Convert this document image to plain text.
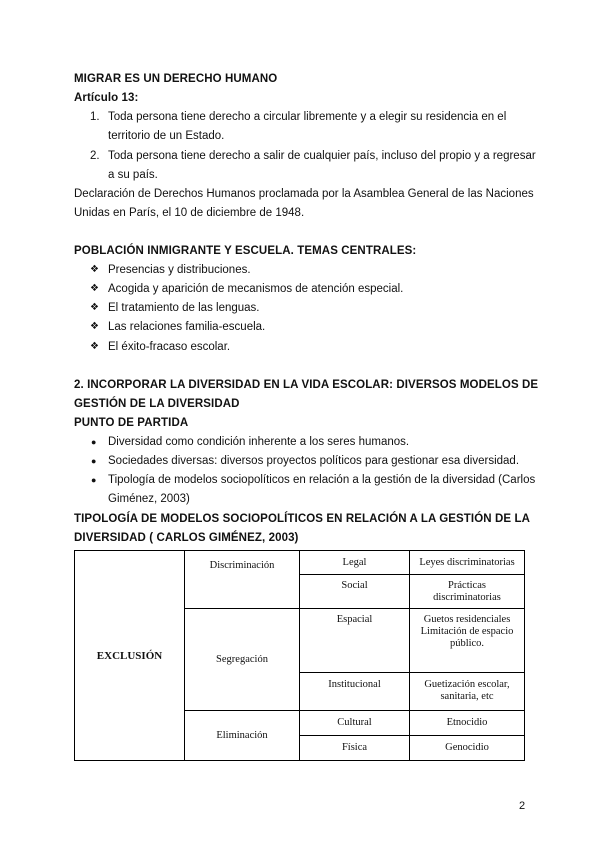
MIGRAR ES UN DERECHO HUMANO
Artículo 13:
1. Toda persona tiene derecho a circular libremente y a elegir su residencia en el
territorio de un Estado.
2. Toda persona tiene derecho a salir de cualquier país, incluso del propio y a regresar
a su país.
Declaración de Derechos Humanos proclamada por la Asamblea General de las Naciones
Unidas en París, el 10 de diciembre de 1948.
POBLACIÓN INMIGRANTE Y ESCUELA. TEMAS CENTRALES:
❖ Presencias y distribuciones.
❖ Acogida y aparición de mecanismos de atención especial.
❖ El tratamiento de las lenguas.
❖ Las relaciones familia-escuela.
❖ El éxito-fracaso escolar.
2. INCORPORAR LA DIVERSIDAD EN LA VIDA ESCOLAR: DIVERSOS MODELOS DE
GESTIÓN DE LA DIVERSIDAD
PUNTO DE PARTIDA
● Diversidad como condición inherente a los seres humanos.
● Sociedades diversas: diversos proyectos políticos para gestionar esa diversidad.
● Tipología de modelos sociopolíticos en relación a la gestión de la diversidad (Carlos
Giménez, 2003)
TIPOLOGÍA DE MODELOS SOCIOPOLÍTICOS EN RELACIÓN A LA GESTIÓN DE LA
DIVERSIDAD ( CARLOS GIMÉNEZ, 2003)
EXCLUSIÓN	Discriminación	Legal	Leyes discriminatorias
		Social	Prácticas
discriminatorias

	Segregación	Espacial	Guetos residenciales
Limitación de espacio
público.

		Institucional	Guetización escolar,
sanitaria, etc

	Eliminación	Cultural	Etnocidio
		Física	Genocidio
2
